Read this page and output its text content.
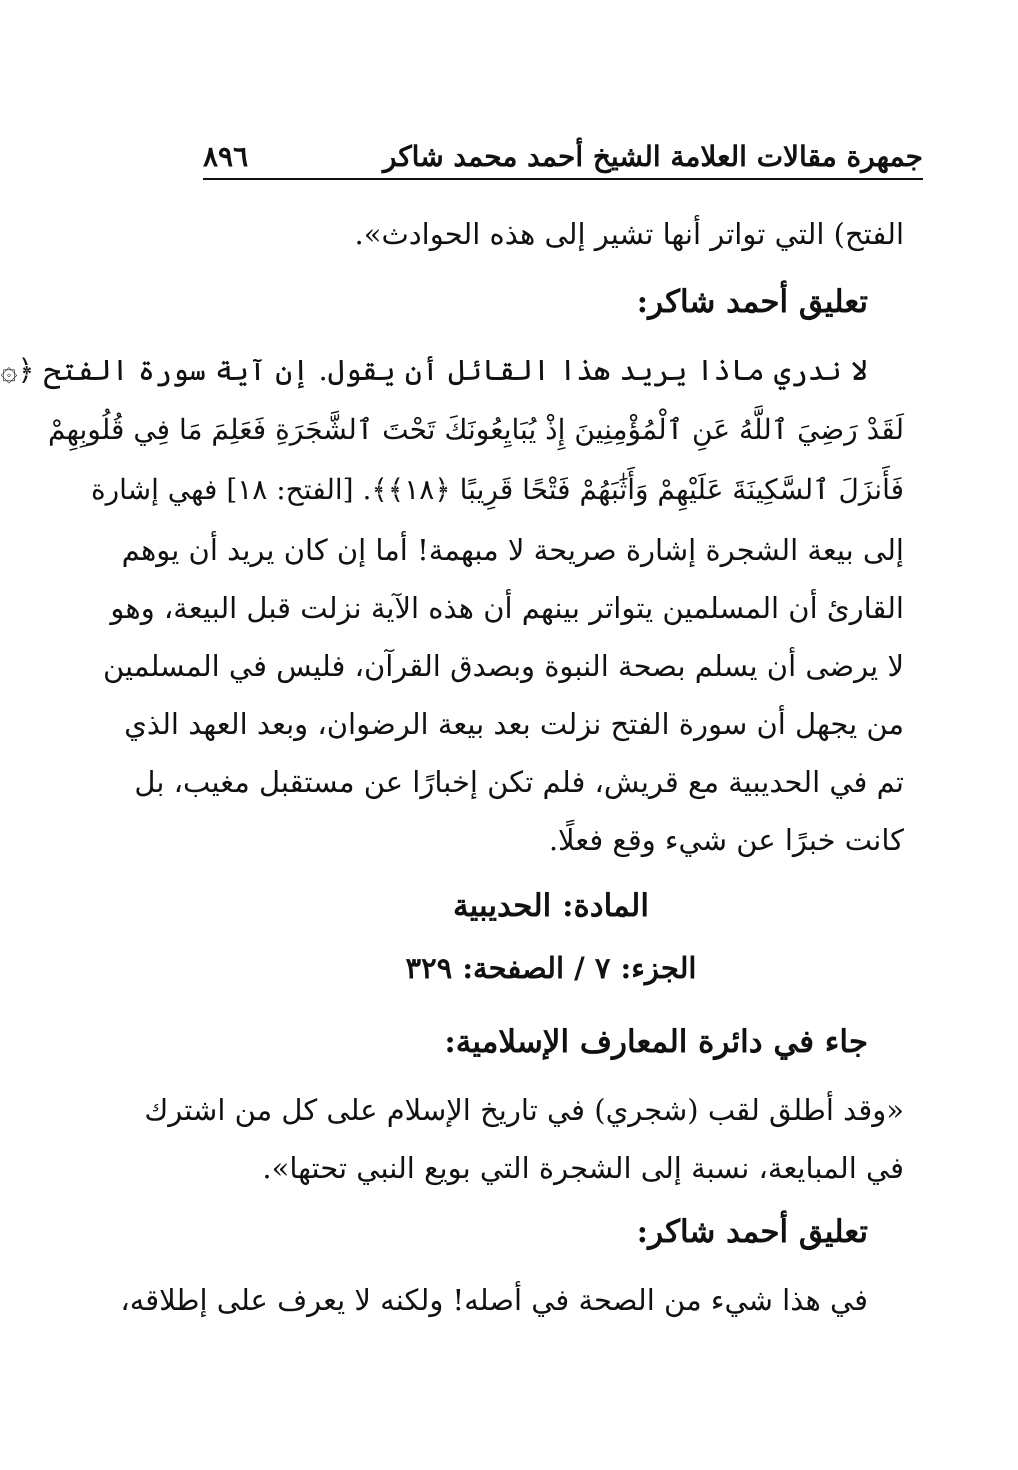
جمهرة مقالات العلامة الشيخ أحمد محمد شاكر
٨٩٦
الفتح) التي تواتر أنها تشير إلى هذه الحوادث».
تعليق أحمد شاكر:
لا ندري ماذا يريد هذا القائل أن يقول. إن آية سورة الفتح ﴿۞
لَقَدْ رَضِيَ ٱللَّهُ عَنِ ٱلْمُؤْمِنِينَ إِذْ يُبَايِعُونَكَ تَحْتَ ٱلشَّجَرَةِ فَعَلِمَ مَا فِي قُلُوبِهِمْ
فَأَنزَلَ ٱلسَّكِينَةَ عَلَيْهِمْ وَأَثَٰبَهُمْ فَتْحًا قَرِيبًا ﴿١٨﴾﴾. [الفتح: ١٨] فهي إشارة
إلى بيعة الشجرة إشارة صريحة لا مبهمة! أما إن كان يريد أن يوهم
القارئ أن المسلمين يتواتر بينهم أن هذه الآية نزلت قبل البيعة، وهو
لا يرضى أن يسلم بصحة النبوة وبصدق القرآن، فليس في المسلمين
من يجهل أن سورة الفتح نزلت بعد بيعة الرضوان، وبعد العهد الذي
تم في الحديبية مع قريش، فلم تكن إخبارًا عن مستقبل مغيب، بل
كانت خبرًا عن شيء وقع فعلًا.
المادة: الحديبية
الجزء: ٧ / الصفحة: ٣٢٩
جاء في دائرة المعارف الإسلامية:
«وقد أطلق لقب (شجري) في تاريخ الإسلام على كل من اشترك
في المبايعة، نسبة إلى الشجرة التي بويع النبي تحتها».
تعليق أحمد شاكر:
في هذا شيء من الصحة في أصله! ولكنه لا يعرف على إطلاقه،
